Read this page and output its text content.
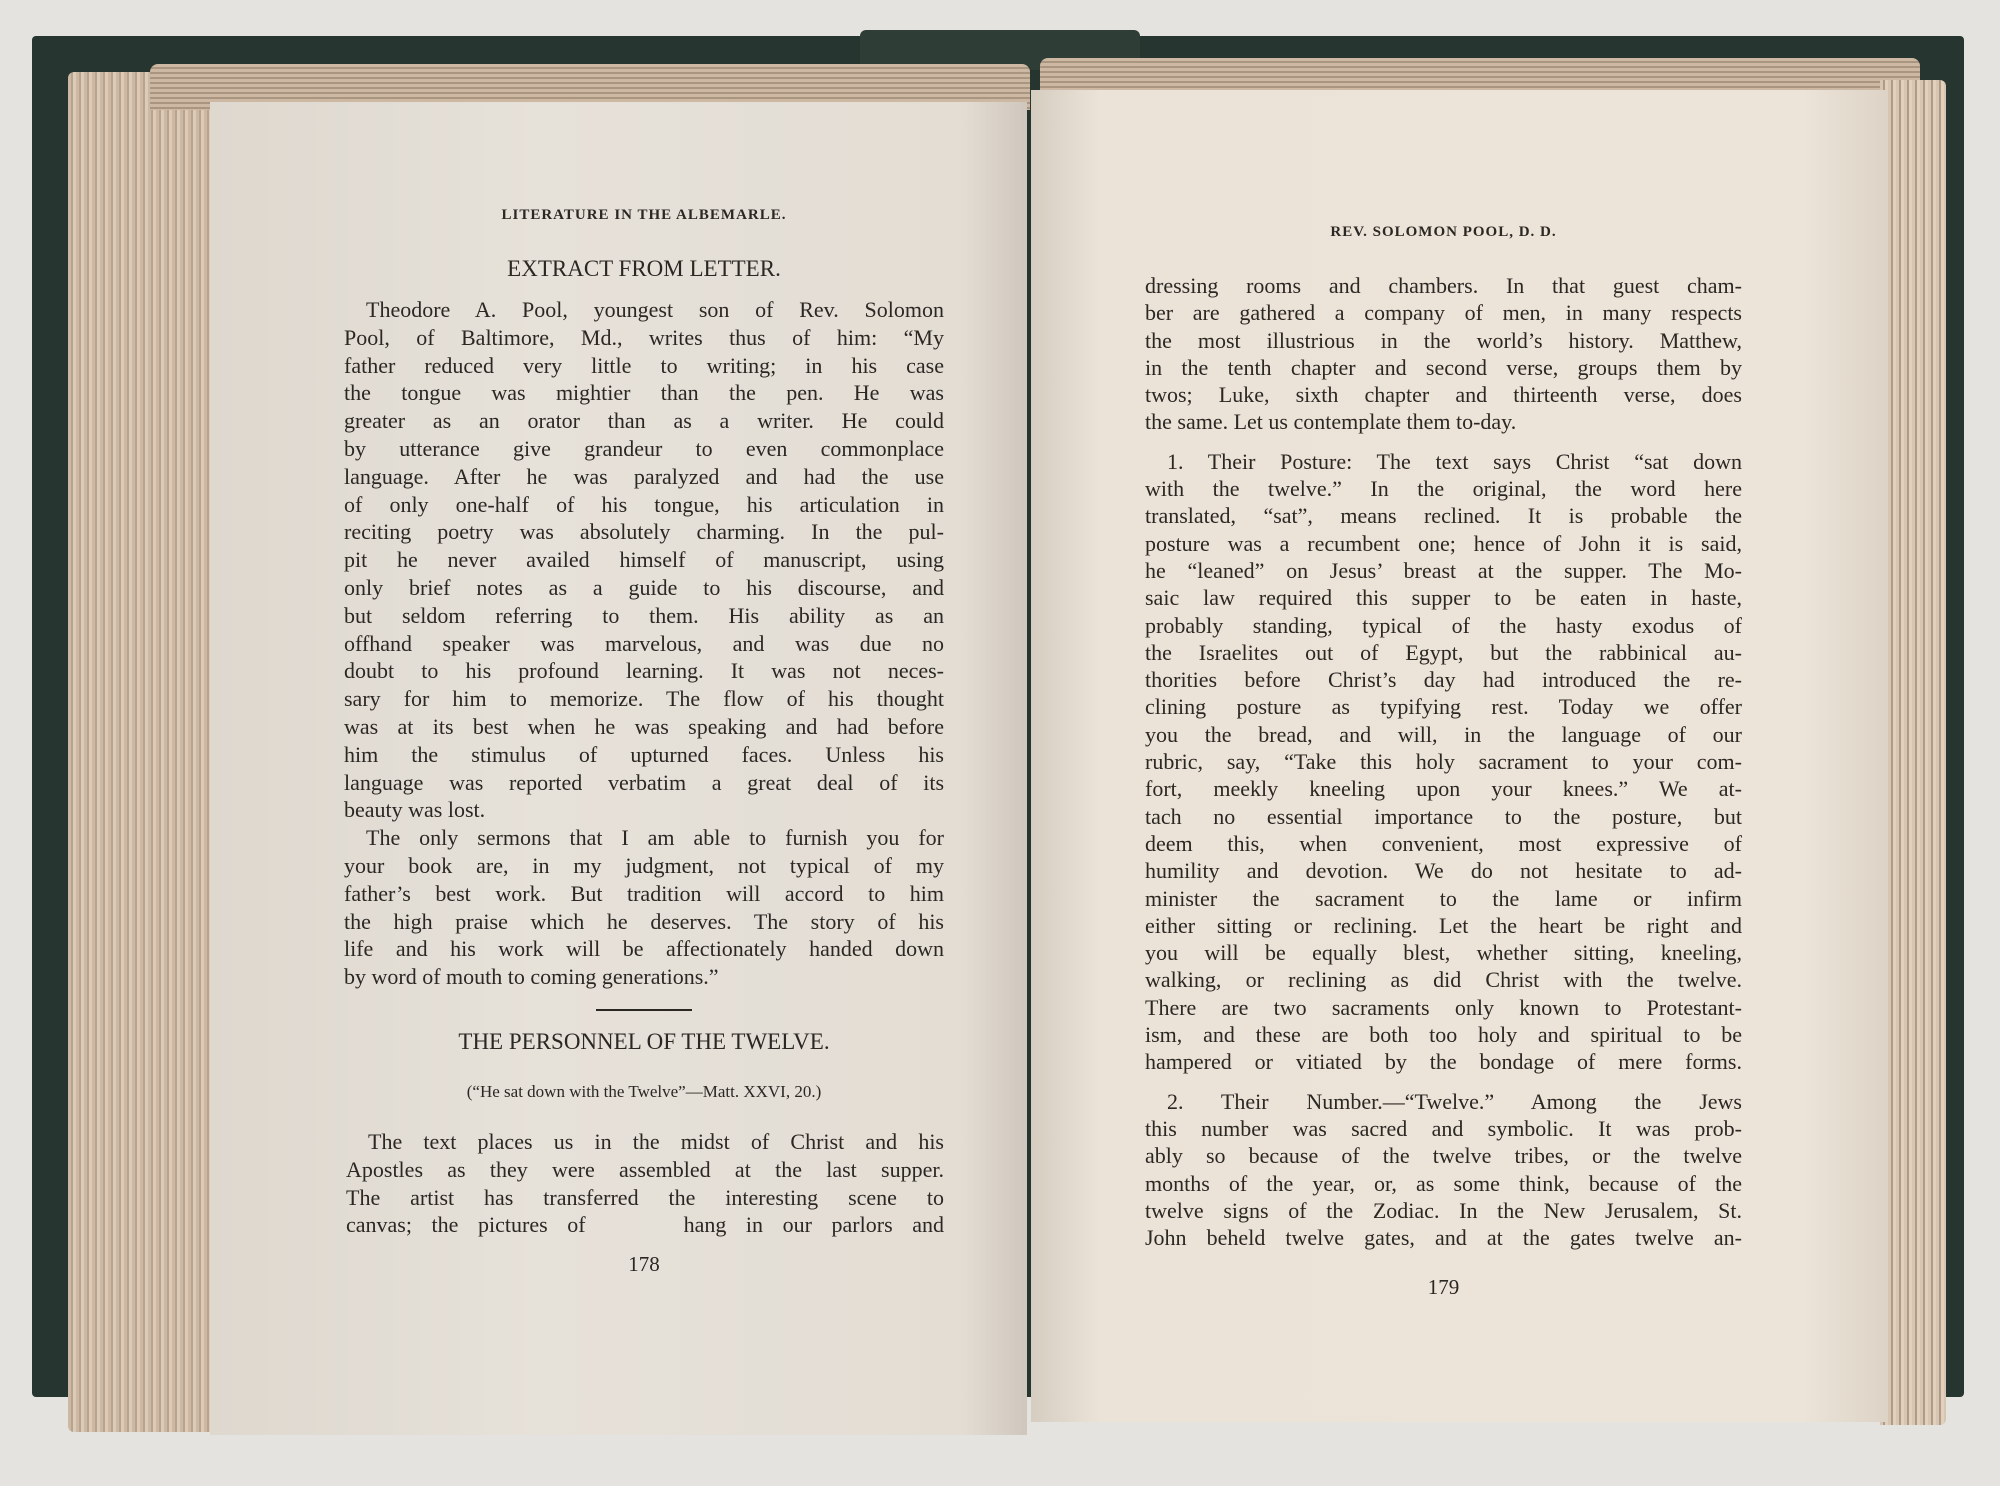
LITERATURE IN THE ALBEMARLE.
EXTRACT FROM LETTER.
Theodore A. Pool, youngest son of Rev. Solomon
Pool, of Baltimore, Md., writes thus of him: “My
father reduced very little to writing; in his case
the tongue was mightier than the pen. He was
greater as an orator than as a writer. He could
by utterance give grandeur to even commonplace
language. After he was paralyzed and had the use
of only one-half of his tongue, his articulation in
reciting poetry was absolutely charming. In the pul-
pit he never availed himself of manuscript, using
only brief notes as a guide to his discourse, and
but seldom referring to them. His ability as an
offhand speaker was marvelous, and was due no
doubt to his profound learning. It was not neces-
sary for him to memorize. The flow of his thought
was at its best when he was speaking and had before
him the stimulus of upturned faces. Unless his
language was reported verbatim a great deal of its
beauty was lost.
The only sermons that I am able to furnish you for
your book are, in my judgment, not typical of my
father’s best work. But tradition will accord to him
the high praise which he deserves. The story of his
life and his work will be affectionately handed down
by word of mouth to coming generations.”
THE PERSONNEL OF THE TWELVE.
(“He sat down with the Twelve”—Matt. XXVI, 20.)
The text places us in the midst of Christ and his
Apostles as they were assembled at the last supper.
The artist has transferred the interesting scene to
canvas; the pictures of     hang in our parlors and
178
REV. SOLOMON POOL, D. D.
dressing rooms and chambers. In that guest cham-
ber are gathered a company of men, in many respects
the most illustrious in the world’s history. Matthew,
in the tenth chapter and second verse, groups them by
twos; Luke, sixth chapter and thirteenth verse, does
the same. Let us contemplate them to-day.
1. Their Posture: The text says Christ “sat down
with the twelve.” In the original, the word here
translated, “sat”, means reclined. It is probable the
posture was a recumbent one; hence of John it is said,
he “leaned” on Jesus’ breast at the supper. The Mo-
saic law required this supper to be eaten in haste,
probably standing, typical of the hasty exodus of
the Israelites out of Egypt, but the rabbinical au-
thorities before Christ’s day had introduced the re-
clining posture as typifying rest. Today we offer
you the bread, and will, in the language of our
rubric, say, “Take this holy sacrament to your com-
fort, meekly kneeling upon your knees.” We at-
tach no essential importance to the posture, but
deem this, when convenient, most expressive of
humility and devotion. We do not hesitate to ad-
minister the sacrament to the lame or infirm
either sitting or reclining. Let the heart be right and
you will be equally blest, whether sitting, kneeling,
walking, or reclining as did Christ with the twelve.
There are two sacraments only known to Protestant-
ism, and these are both too holy and spiritual to be
hampered or vitiated by the bondage of mere forms.
2. Their Number.—“Twelve.” Among the Jews
this number was sacred and symbolic. It was prob-
ably so because of the twelve tribes, or the twelve
months of the year, or, as some think, because of the
twelve signs of the Zodiac. In the New Jerusalem, St.
John beheld twelve gates, and at the gates twelve an-
179
